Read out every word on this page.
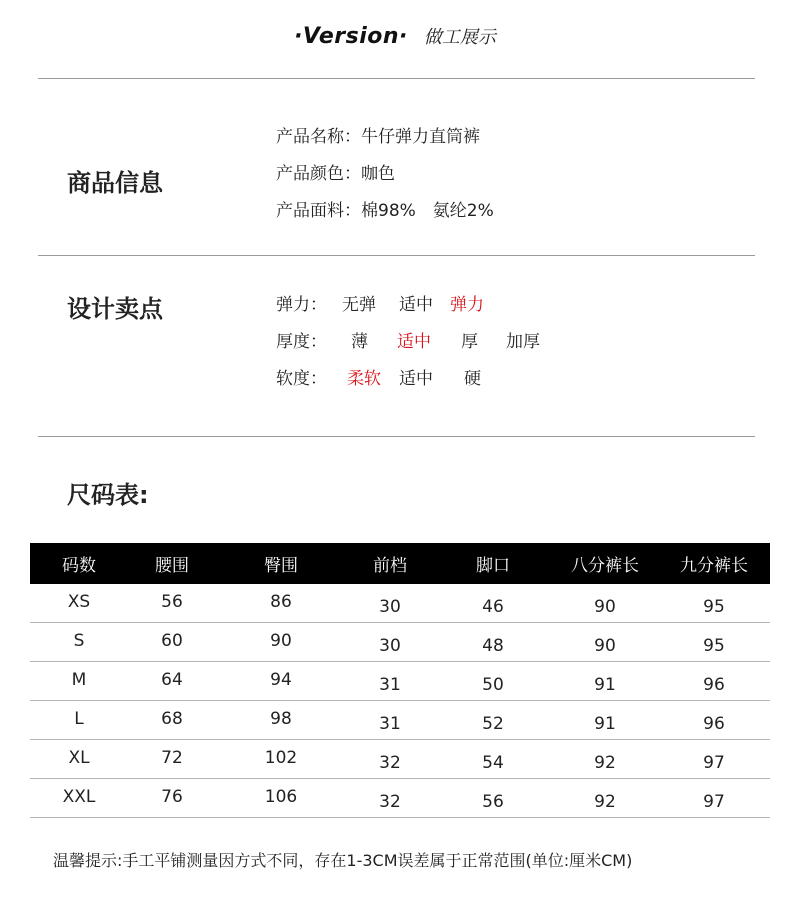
·Version· 做工展示
商品信息
产品名称：牛仔弹力直筒裤
产品颜色：咖色
产品面料：棉98%　氨纶2%
设计卖点	弹力： 无弹 适中 弹力
厚度： 薄 适中 厚 加厚
软度： 柔软 适中 硬
尺码表:
码数	腰围	臀围	前档	脚口	八分裤长	九分裤长
XS	56	86	30	46	90	95
S	60	90	30	48	90	95
M	64	94	31	50	91	96
L	68	98	31	52	91	96
XL	72	102	32	54	92	97
XXL	76	106	32	56	92	97
温馨提示:手工平铺测量因方式不同，存在1-3CM误差属于正常范围(单位:厘米CM)
